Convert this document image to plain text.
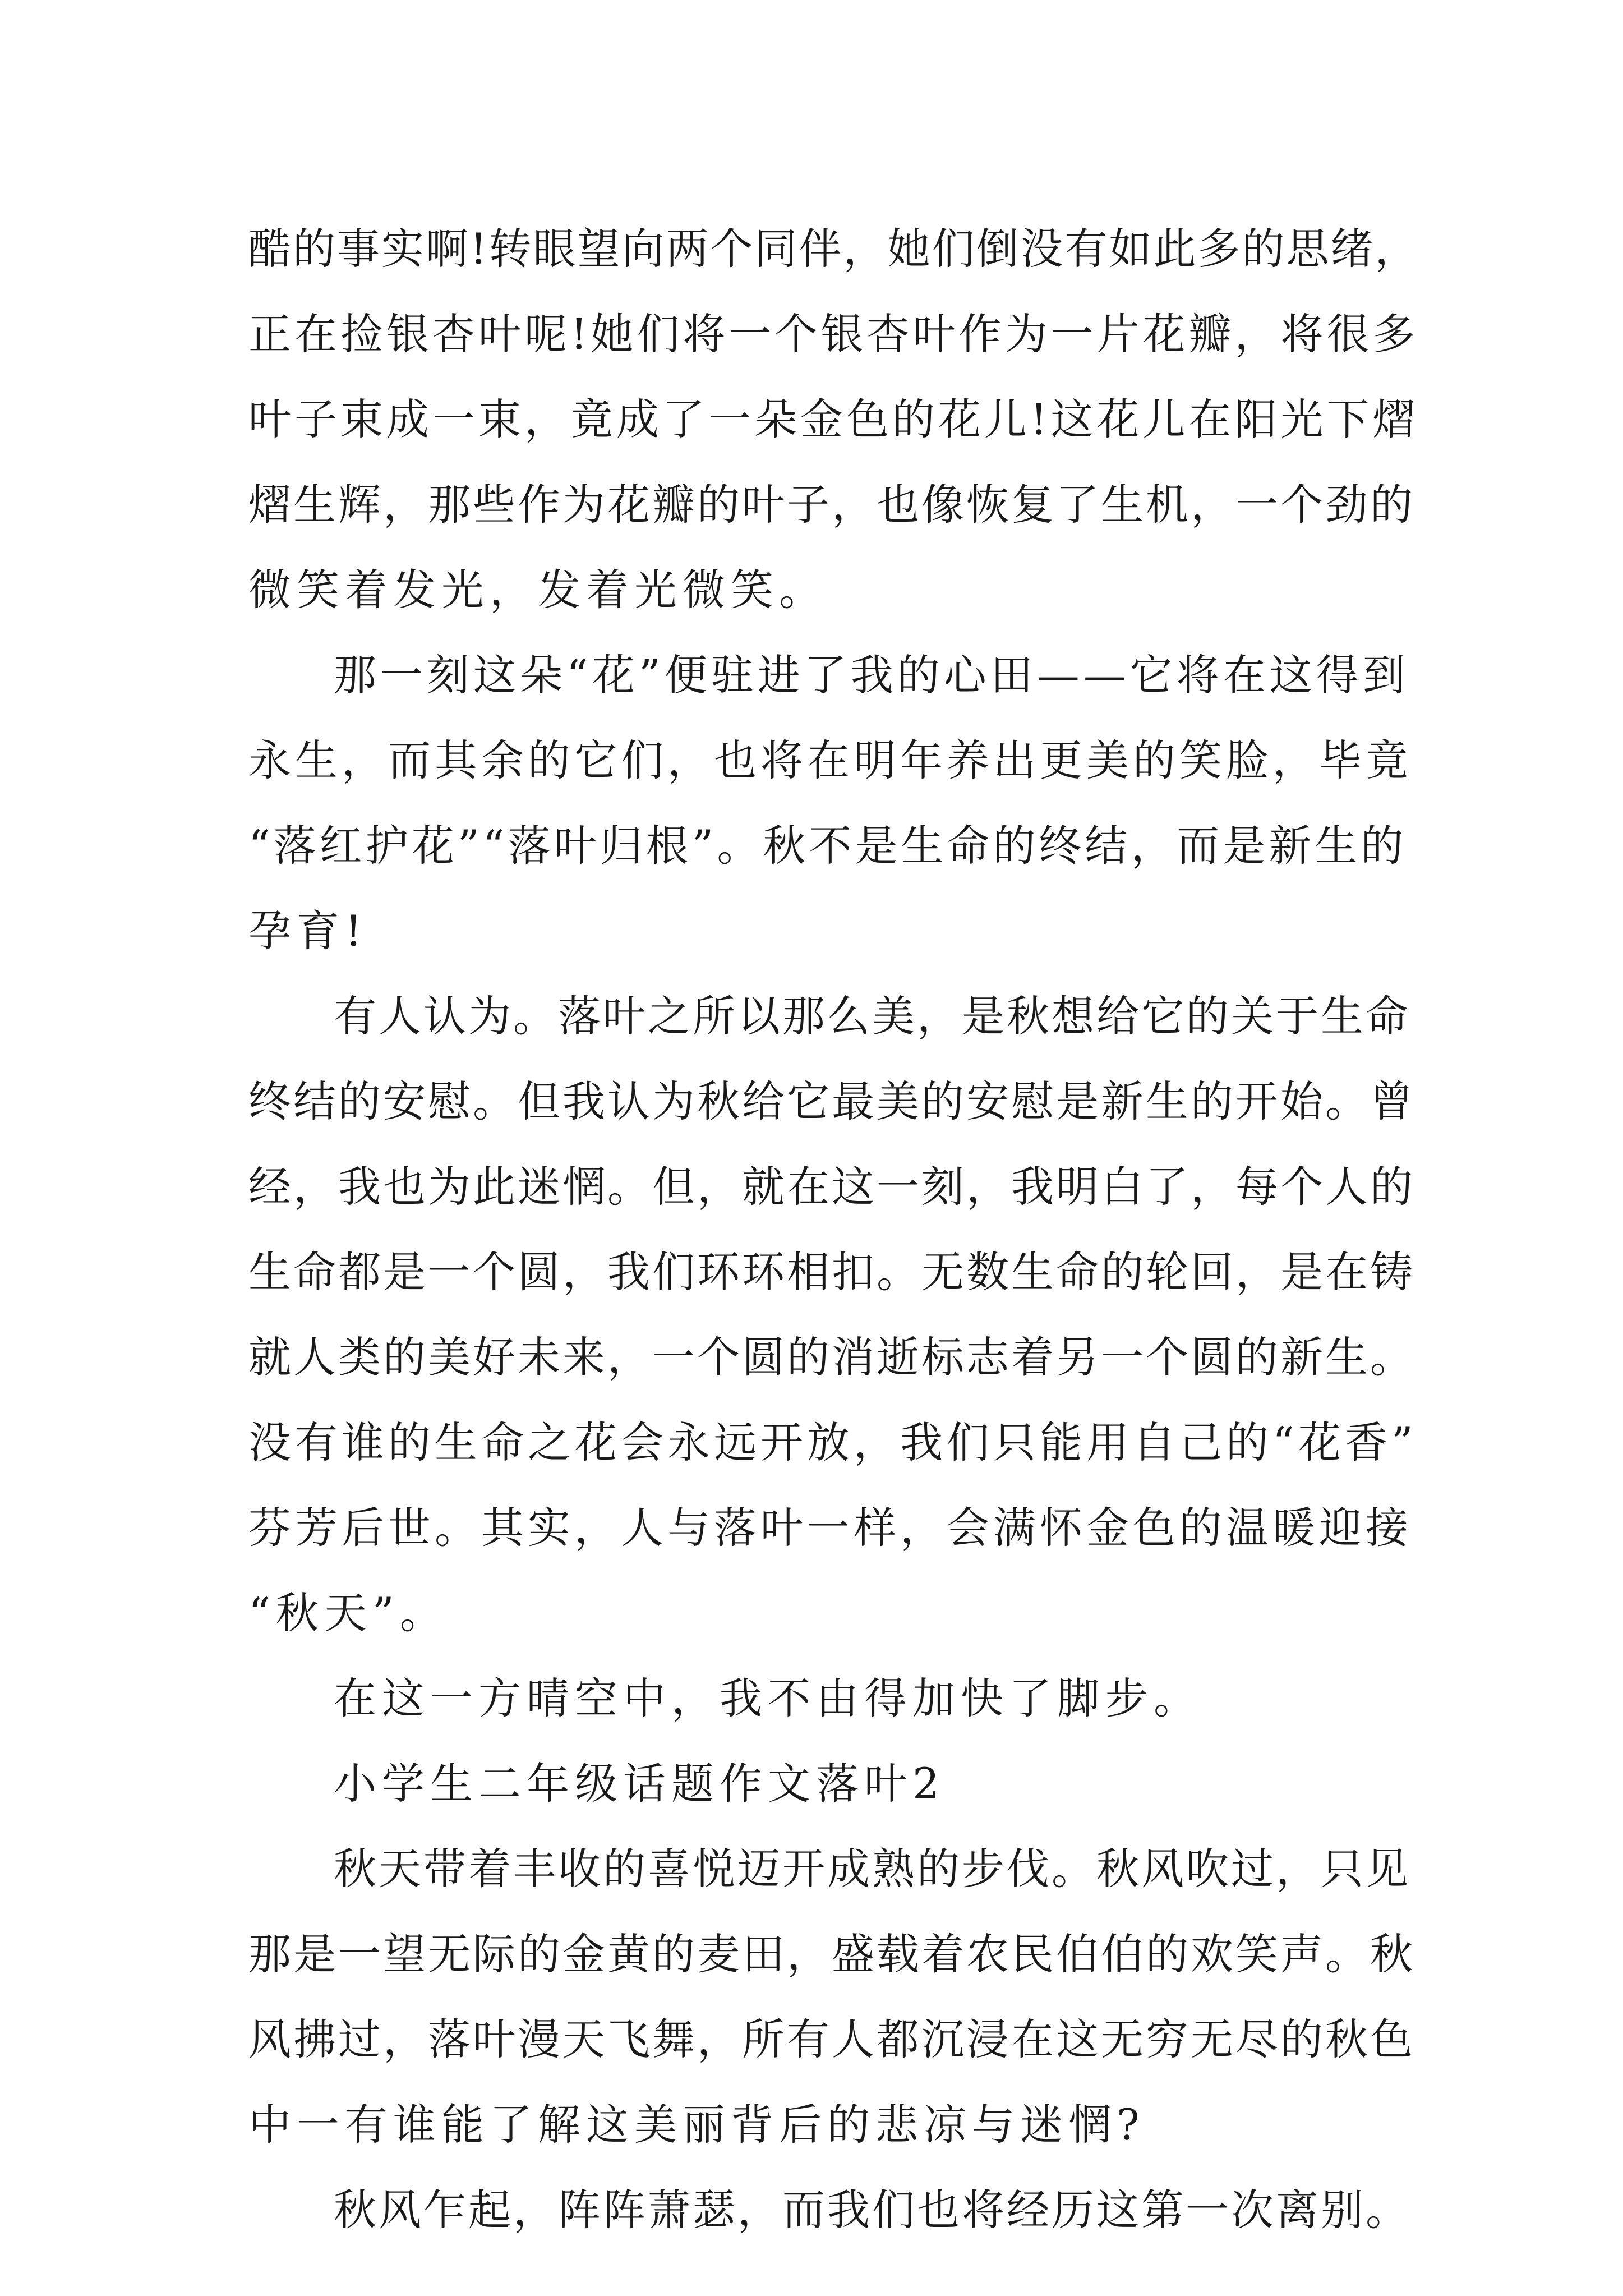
酷的事实啊!转眼望向两个同伴，她们倒没有如此多的思绪，
正在捡银杏叶呢!她们将一个银杏叶作为一片花瓣，将很多
叶子束成一束，竟成了一朵金色的花儿!这花儿在阳光下熠
熠生辉，那些作为花瓣的叶子，也像恢复了生机，一个劲的
微笑着发光，发着光微笑。
那一刻这朵“花”便驻进了我的心田——它将在这得到
永生，而其余的它们，也将在明年养出更美的笑脸，毕竟
“落红护花”“落叶归根”。秋不是生命的终结，而是新生的
孕育!
有人认为。落叶之所以那么美，是秋想给它的关于生命
终结的安慰。但我认为秋给它最美的安慰是新生的开始。曾
经，我也为此迷惘。但，就在这一刻，我明白了，每个人的
生命都是一个圆，我们环环相扣。无数生命的轮回，是在铸
就人类的美好未来，一个圆的消逝标志着另一个圆的新生。
没有谁的生命之花会永远开放，我们只能用自己的“花香”
芬芳后世。其实，人与落叶一样，会满怀金色的温暖迎接
“秋天”。
在这一方晴空中，我不由得加快了脚步。
小学生二年级话题作文落叶2
秋天带着丰收的喜悦迈开成熟的步伐。秋风吹过，只见
那是一望无际的金黄的麦田，盛载着农民伯伯的欢笑声。秋
风拂过，落叶漫天飞舞，所有人都沉浸在这无穷无尽的秋色
中一有谁能了解这美丽背后的悲凉与迷惘?
秋风乍起，阵阵萧瑟，而我们也将经历这第一次离别。
